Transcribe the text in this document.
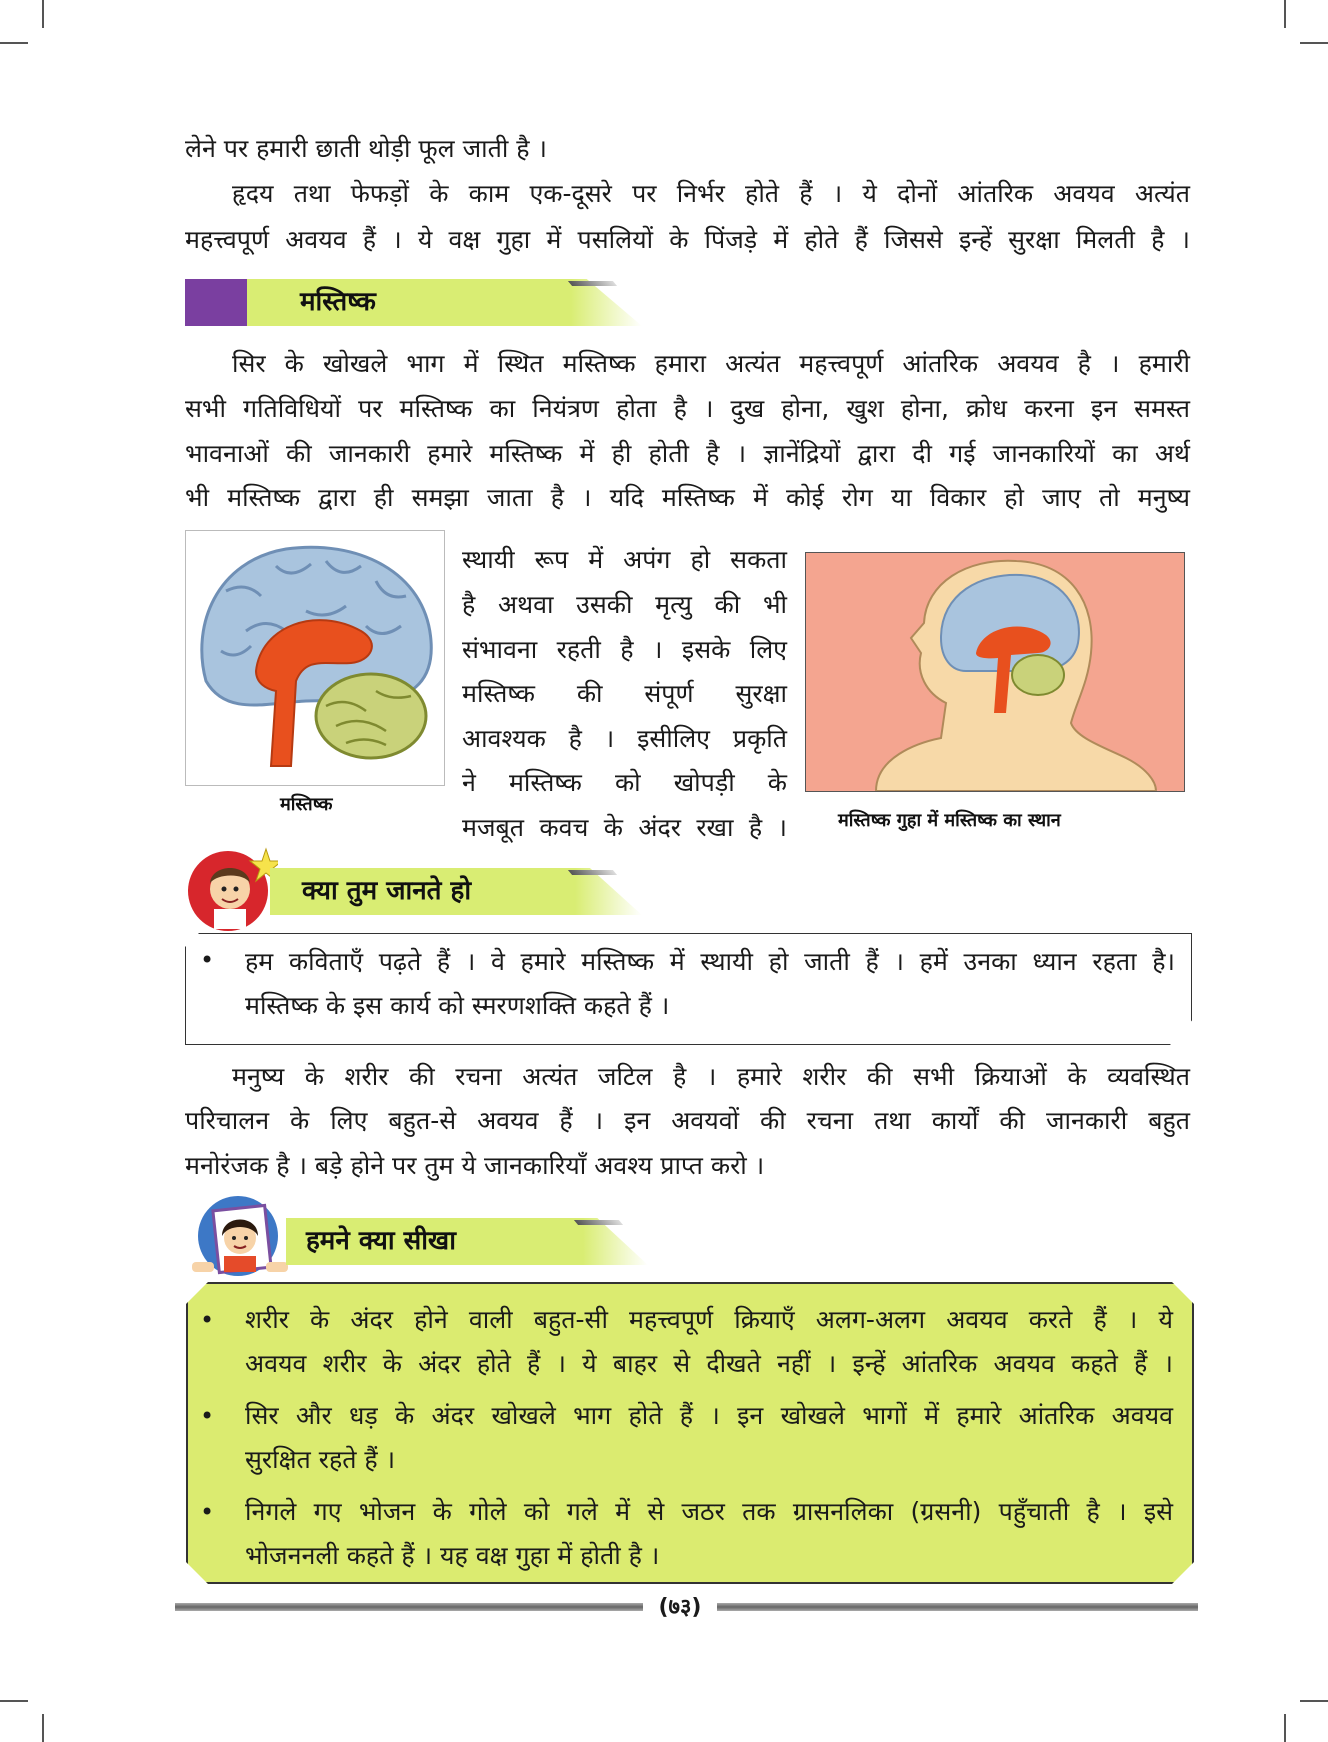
लेने पर हमारी छाती थोड़ी फूल जाती है ।

हृदय तथा फेफड़ों के काम एक-दूसरे पर निर्भर होते हैं । ये दोनों आंतरिक अवयव अत्यंत

महत्त्वपूर्ण अवयव हैं । ये वक्ष गुहा में पसलियों के पिंजड़े में होते हैं जिससे इन्हें सुरक्षा मिलती है ।

मस्तिष्क

सिर के खोखले भाग में स्थित मस्तिष्क हमारा अत्यंत महत्त्वपूर्ण आंतरिक अवयव है । हमारी

सभी गतिविधियों पर मस्तिष्क का नियंत्रण होता है । दुख होना, खुश होना, क्रोध करना इन समस्त

भावनाओं की जानकारी हमारे मस्तिष्क में ही होती है । ज्ञानेंद्रियों द्वारा दी गई जानकारियों का अर्थ

भी मस्तिष्क द्वारा ही समझा जाता है । यदि मस्तिष्क में कोई रोग या विकार हो जाए तो मनुष्य

मस्तिष्क

स्थायी रूप में अपंग हो सकता

है अथवा उसकी मृत्यु की भी

संभावना रहती है । इसके लिए

मस्तिष्क की संपूर्ण सुरक्षा

आवश्यक है । इसीलिए प्रकृति

ने मस्तिष्क को खोपड़ी के

मजबूत कवच के अंदर रखा है ।	मस्तिष्क गुहा में मस्तिष्क का स्थान
क्या तुम जानते हो
• हम कविताएँ पढ़ते हैं । वे हमारे मस्तिष्क में स्थायी हो जाती हैं । हमें उनका ध्यान रहता है।

मस्तिष्क के इस कार्य को स्मरणशक्ति कहते हैं ।

मनुष्य के शरीर की रचना अत्यंत जटिल है । हमारे शरीर की सभी क्रियाओं के व्यवस्थित

परिचालन के लिए बहुत-से अवयव हैं । इन अवयवों की रचना तथा कार्यों की जानकारी बहुत

मनोरंजक है । बड़े होने पर तुम ये जानकारियाँ अवश्य प्राप्त करो ।

हमने क्या सीखा
• शरीर के अंदर होने वाली बहुत-सी महत्त्वपूर्ण क्रियाएँ अलग-अलग अवयव करते हैं । ये

अवयव शरीर के अंदर होते हैं । ये बाहर से दीखते नहीं । इन्हें आंतरिक अवयव कहते हैं ।

• सिर और धड़ के अंदर खोखले भाग होते हैं । इन खोखले भागों में हमारे आंतरिक अवयव

सुरक्षित रहते हैं ।

• निगले गए भोजन के गोले को गले में से जठर तक ग्रासनलिका (ग्रसनी) पहुँचाती है । इसे

भोजननली कहते हैं । यह वक्ष गुहा में होती है ।

(७३)
